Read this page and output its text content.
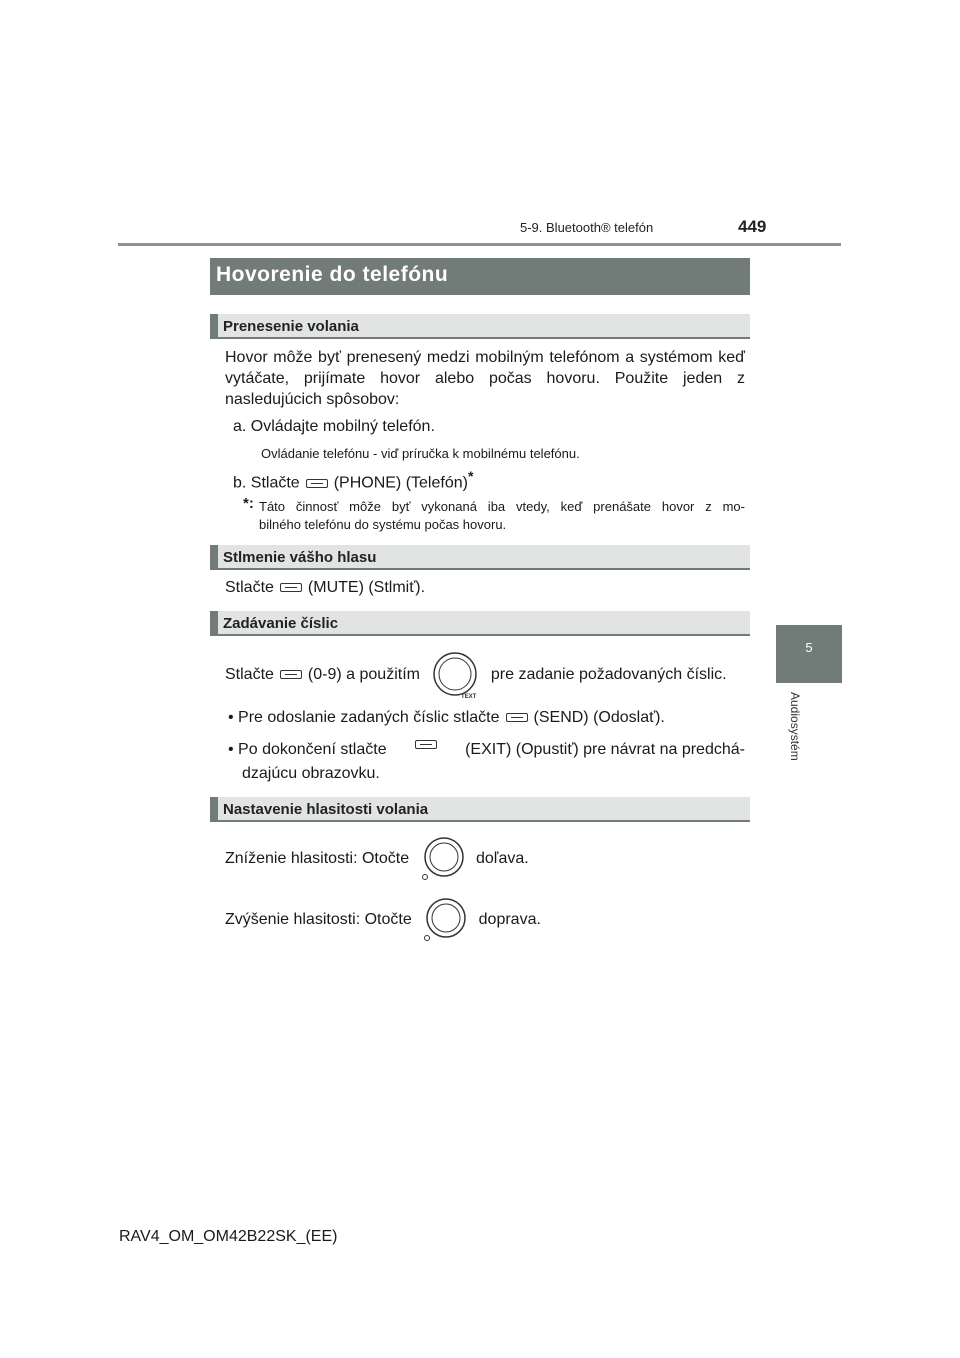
5-9. Bluetooth® telefón	449
5
Audiosystém
Hovorenie do telefónu
Prenesenie volania
Hovor môže byť prenesený medzi mobilným telefónom a systémom keď vytáčate, prijímate hovor alebo počas hovoru. Použite jeden z nasledujúcich spôsobov:
a. Ovládajte mobilný telefón.
Ovládanie telefónu - viď príručka k mobilnému telefónu.
b. Stlačte (PHONE) (Telefón)*
*: Táto činnosť môže byť vykonaná iba vtedy, keď prenášate hovor z mo-
bilného telefónu do systému počas hovoru.
Stlmenie vášho hlasu
Stlačte (MUTE) (Stlmiť).
Zadávanie číslic
Stlačte (0-9) a použitím
TEXT
pre zadanie požadovaných číslic.
• Pre odoslanie zadaných číslic stlačte (SEND) (Odoslať).
• Po dokončení stlačte	(EXIT) (Opustiť) pre návrat na predchá-
dzajúcu obrazovku.
Nastavenie hlasitosti volania
Zníženie hlasitosti: Otočte	doľava.
Zvýšenie hlasitosti: Otočte	doprava.
RAV4_OM_OM42B22SK_(EE)
